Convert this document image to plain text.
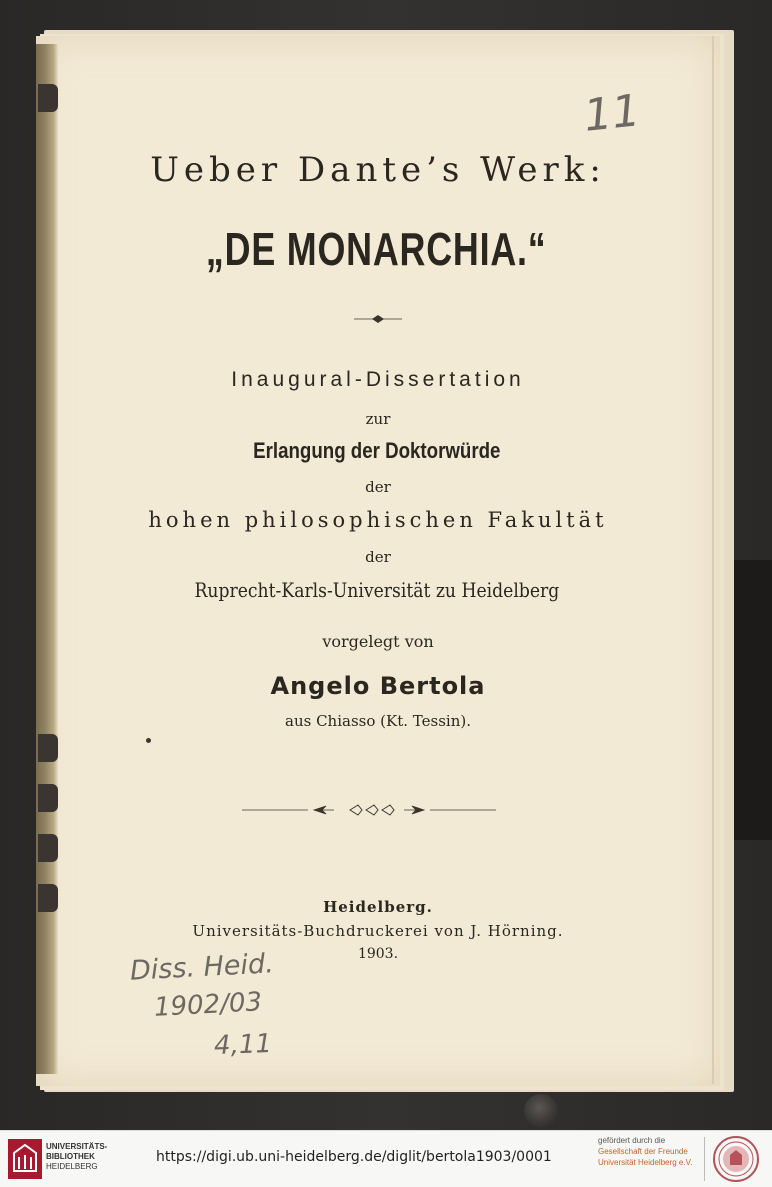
11
Ueber Dante’s Werk:
„DE MONARCHIA.“
Inaugural-Dissertation
zur
Erlangung der Doktorwürde
der
hohen philosophischen Fakultät
der
Ruprecht-Karls-Universität zu Heidelberg
vorgelegt von
Angelo Bertola
aus Chiasso (Kt. Tessin).
Heidelberg.
Universitäts-Buchdruckerei von J. Hörning.
1903.
Diss. Heid.
1902/03
4,11
UNIVERSITÄTS-
BIBLIOTHEK
HEIDELBERG
https://digi.ub.uni-heidelberg.de/diglit/bertola1903/0001
gefördert durch die
Gesellschaft der Freunde
Universität Heidelberg e.V.
